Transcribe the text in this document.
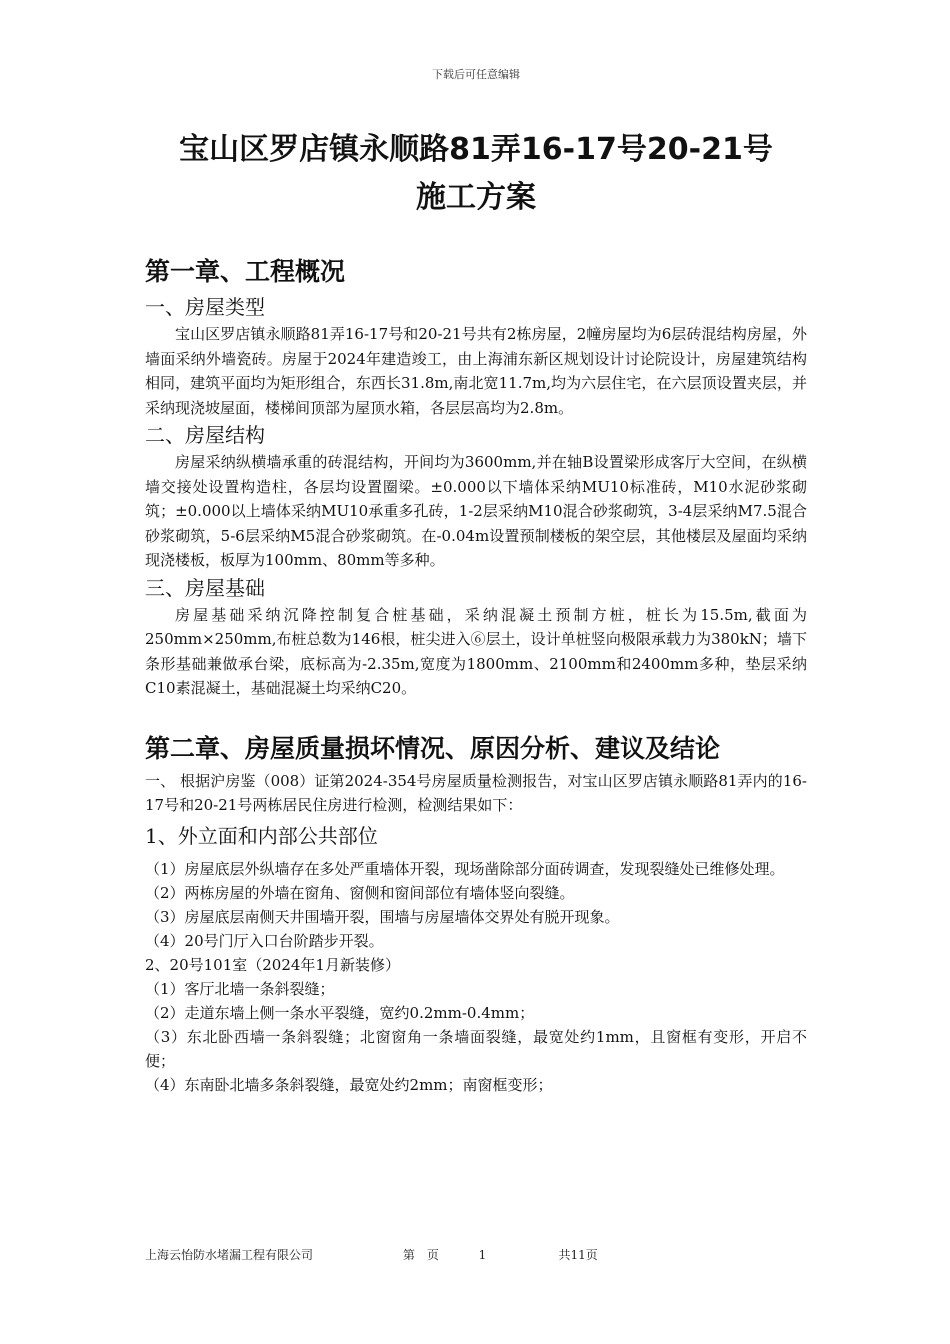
下载后可任意编辑
宝山区罗店镇永顺路81弄16-17号20-21号
施工方案
第一章、工程概况
一、房屋类型

宝山区罗店镇永顺路81弄16-17号和20-21号共有2栋房屋，2幢房屋均为6层砖混结构房屋，外墙面采纳外墙瓷砖。房屋于2024年建造竣工，由上海浦东新区规划设计讨论院设计，房屋建筑结构相同，建筑平面均为矩形组合，东西长31.8m,南北宽11.7m,均为六层住宅，在六层顶设置夹层，并采纳现浇坡屋面，楼梯间顶部为屋顶水箱，各层层高均为2.8m。

二、房屋结构

房屋采纳纵横墙承重的砖混结构，开间均为3600mm,并在轴B设置梁形成客厅大空间，在纵横墙交接处设置构造柱，各层均设置圈梁。±0.000以下墙体采纳MU10标准砖，M10水泥砂浆砌筑；±0.000以上墙体采纳MU10承重多孔砖，1-2层采纳M10混合砂浆砌筑，3-4层采纳M7.5混合砂浆砌筑，5-6层采纳M5混合砂浆砌筑。在-0.04m设置预制楼板的架空层，其他楼层及屋面均采纳现浇楼板，板厚为100mm、80mm等多种。

三、房屋基础

房屋基础采纳沉降控制复合桩基础，采纳混凝土预制方桩，桩长为15.5m,截面为250mm×250mm,布桩总数为146根，桩尖进入⑥层土，设计单桩竖向极限承载力为380kN；墙下条形基础兼做承台梁，底标高为-2.35m,宽度为1800mm、2100mm和2400mm多种，垫层采纳C10素混凝土，基础混凝土均采纳C20。

第二章、房屋质量损坏情况、原因分析、建议及结论

一、 根据沪房鉴（008）证第2024-354号房屋质量检测报告，对宝山区罗店镇永顺路81弄内的16-17号和20-21号两栋居民住房进行检测，检测结果如下：

1、外立面和内部公共部位

（1）房屋底层外纵墙存在多处严重墙体开裂，现场凿除部分面砖调查，发现裂缝处已维修处理。

（2）两栋房屋的外墙在窗角、窗侧和窗间部位有墙体竖向裂缝。

（3）房屋底层南侧天井围墙开裂，围墙与房屋墙体交界处有脱开现象。

（4）20号门厅入口台阶踏步开裂。

2、20号101室（2024年1月新装修）

（1）客厅北墙一条斜裂缝；

（2）走道东墙上侧一条水平裂缝，宽约0.2mm-0.4mm；

（3）东北卧西墙一条斜裂缝；北窗窗角一条墙面裂缝，最宽处约1mm，且窗框有变形，开启不便；

（4）东南卧北墙多条斜裂缝，最宽处约2mm；南窗框变形；

上海云怡防水堵漏工程有限公司	第　页	1	共11页
